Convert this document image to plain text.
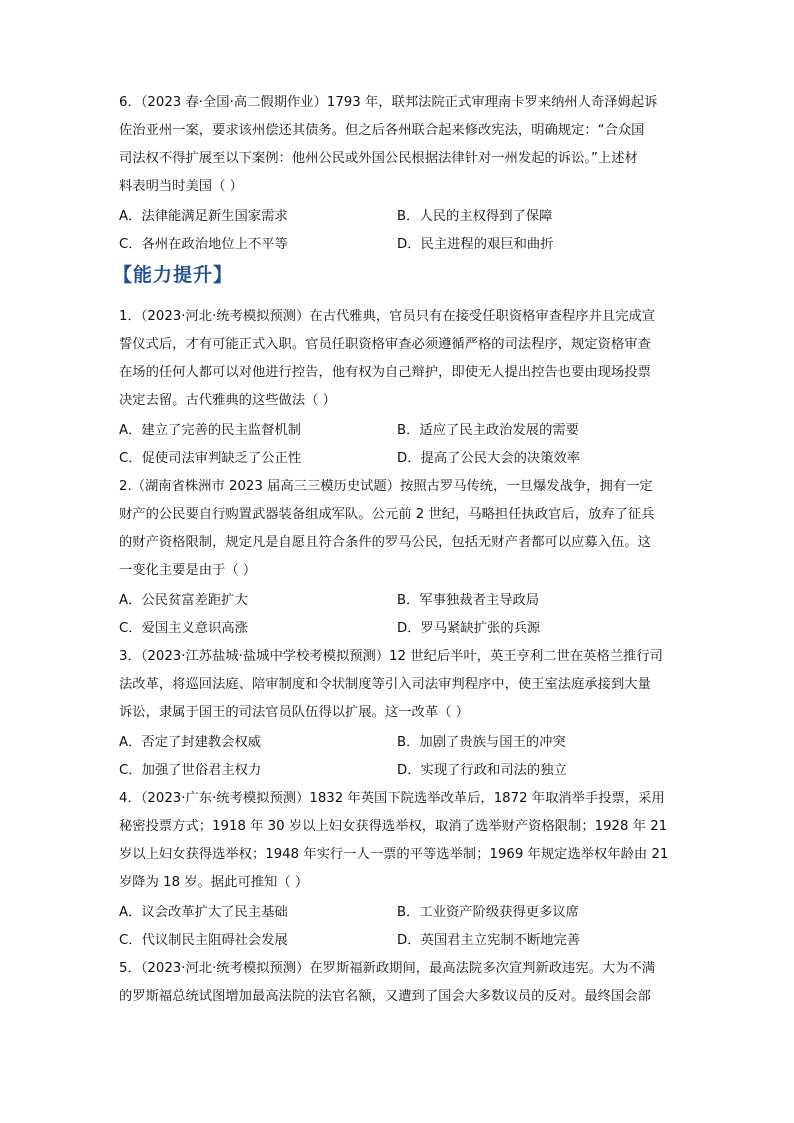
6．（2023 春·全国·高二假期作业）1793 年，联邦法院正式审理南卡罗来纳州人奇泽姆起诉
佐治亚州一案，要求该州偿还其债务。但之后各州联合起来修改宪法，明确规定：“合众国
司法权不得扩展至以下案例：他州公民或外国公民根据法律针对一州发起的诉讼。”上述材
料表明当时美国（ ）
A．法律能满足新生国家需求	B．人民的主权得到了保障
C．各州在政治地位上不平等	D．民主进程的艰巨和曲折
【能力提升】
1．（2023·河北·统考模拟预测）在古代雅典，官员只有在接受任职资格审查程序并且完成宣
誓仪式后，才有可能正式入职。官员任职资格审查必须遵循严格的司法程序，规定资格审查
在场的任何人都可以对他进行控告，他有权为自己辩护，即使无人提出控告也要由现场投票
决定去留。古代雅典的这些做法（ ）
A．建立了完善的民主监督机制	B．适应了民主政治发展的需要
C．促使司法审判缺乏了公正性	D．提高了公民大会的决策效率
2.（湖南省株洲市 2023 届高三三模历史试题）按照古罗马传统，一旦爆发战争，拥有一定
财产的公民要自行购置武器装备组成军队。公元前 2 世纪，马略担任执政官后，放弃了征兵
的财产资格限制，规定凡是自愿且符合条件的罗马公民，包括无财产者都可以应募入伍。这
一变化主要是由于（ ）
A．公民贫富差距扩大	B．军事独裁者主导政局
C．爱国主义意识高涨	D．罗马紧缺扩张的兵源
3．（2023·江苏盐城·盐城中学校考模拟预测）12 世纪后半叶，英王亨利二世在英格兰推行司
法改革，将巡回法庭、陪审制度和令状制度等引入司法审判程序中，使王室法庭承接到大量
诉讼，隶属于国王的司法官员队伍得以扩展。这一改革（ ）
A．否定了封建教会权威	B．加剧了贵族与国王的冲突
C．加强了世俗君主权力	D．实现了行政和司法的独立
4．（2023·广东·统考模拟预测）1832 年英国下院选举改革后，1872 年取消举手投票，采用
秘密投票方式；1918 年 30 岁以上妇女获得选举权，取消了选举财产资格限制；1928 年 21
岁以上妇女获得选举权；1948 年实行一人一票的平等选举制；1969 年规定选举权年龄由 21
岁降为 18 岁。据此可推知（ ）
A．议会改革扩大了民主基础	B．工业资产阶级获得更多议席
C．代议制民主阻碍社会发展	D．英国君主立宪制不断地完善
5．（2023·河北·统考模拟预测）在罗斯福新政期间，最高法院多次宣判新政违宪。大为不满
的罗斯福总统试图增加最高法院的法官名额，又遭到了国会大多数议员的反对。最终国会部
